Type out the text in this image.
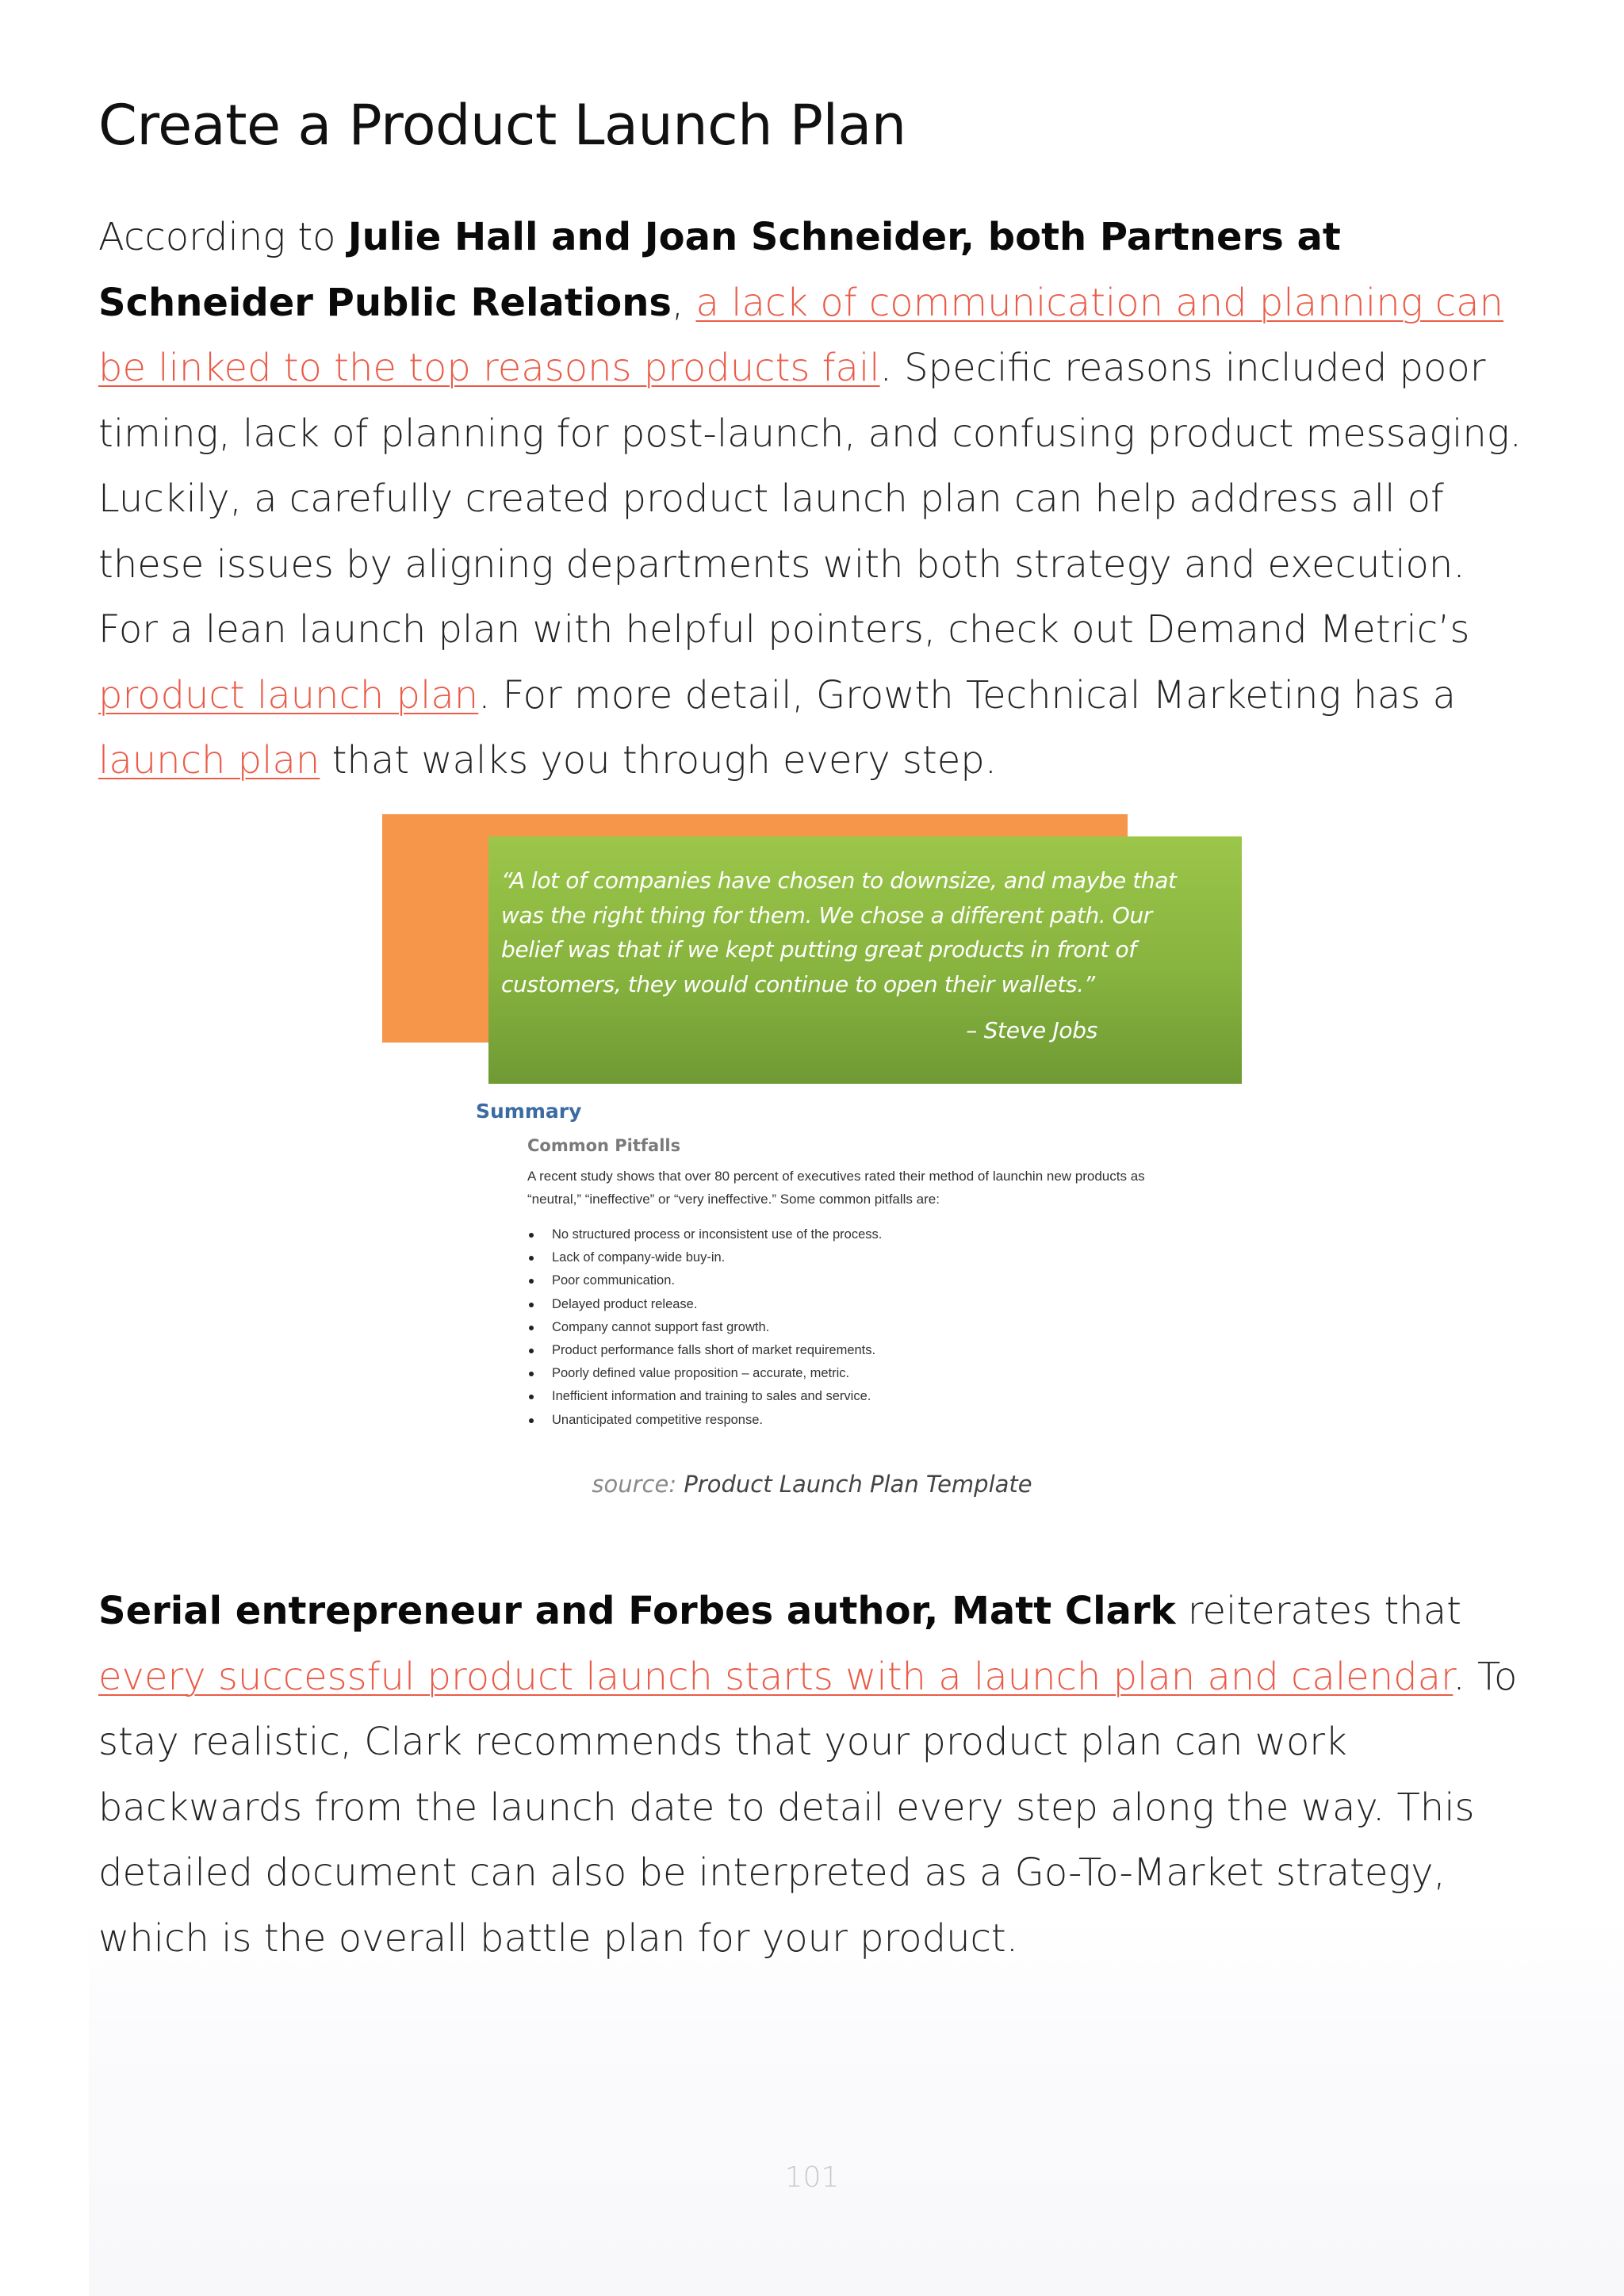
Create a Product Launch Plan

According to Julie Hall and Joan Schneider, both Partners at Schneider Public Relations, a lack of communication and planning can be linked to the top reasons products fail. Specific reasons included poor timing, lack of planning for post-launch, and confusing product messaging. Luckily, a carefully created product launch plan can help address all of these issues by aligning departments with both strategy and execution. For a lean launch plan with helpful pointers, check out Demand Metric’s product launch plan. For more detail, Growth Technical Marketing has a launch plan that walks you through every step.

“A lot of companies have chosen to downsize, and maybe that was the right thing for them. We chose a different path. Our belief was that if we kept putting great products in front of customers, they would continue to open their wallets.”

– Steve Jobs
Summary
Common Pitfalls

A recent study shows that over 80 percent of executives rated their method of launchin new products as “neutral,” “ineffective” or “very ineffective.” Some common pitfalls are:

No structured process or inconsistent use of the process.
Lack of company-wide buy-in.
Poor communication.
Delayed product release.
Company cannot support fast growth.
Product performance falls short of market requirements.
Poorly defined value proposition – accurate, metric.
Inefficient information and training to sales and service.
Unanticipated competitive response.
source: Product Launch Plan Template

Serial entrepreneur and Forbes author, Matt Clark reiterates that every successful product launch starts with a launch plan and calendar. To stay realistic, Clark recommends that your product plan can work backwards from the launch date to detail every step along the way. This detailed document can also be interpreted as a Go-To-Market strategy, which is the overall battle plan for your product.

101
